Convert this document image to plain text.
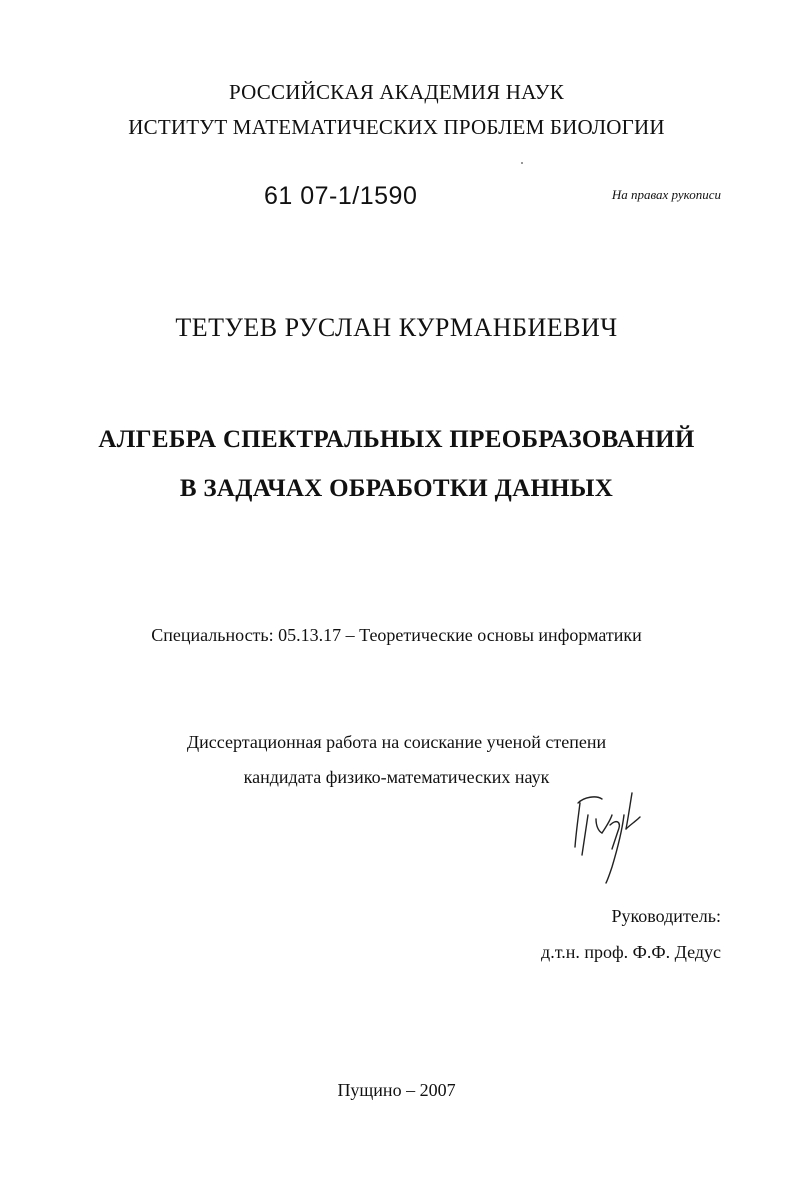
РОССИЙСКАЯ АКАДЕМИЯ НАУК
ИСТИТУТ МАТЕМАТИЧЕСКИХ ПРОБЛЕМ БИОЛОГИИ
61 07-1/1590	На правах рукописи
ТЕТУЕВ РУСЛАН КУРМАНБИЕВИЧ
АЛГЕБРА СПЕКТРАЛЬНЫХ ПРЕОБРАЗОВАНИЙ
В ЗАДАЧАХ ОБРАБОТКИ ДАННЫХ
Специальность: 05.13.17 – Теоретические основы информатики
Диссертационная работа на соискание ученой степени
кандидата физико-математических наук
Руководитель:
д.т.н. проф. Ф.Ф. Дедус
Пущино – 2007
